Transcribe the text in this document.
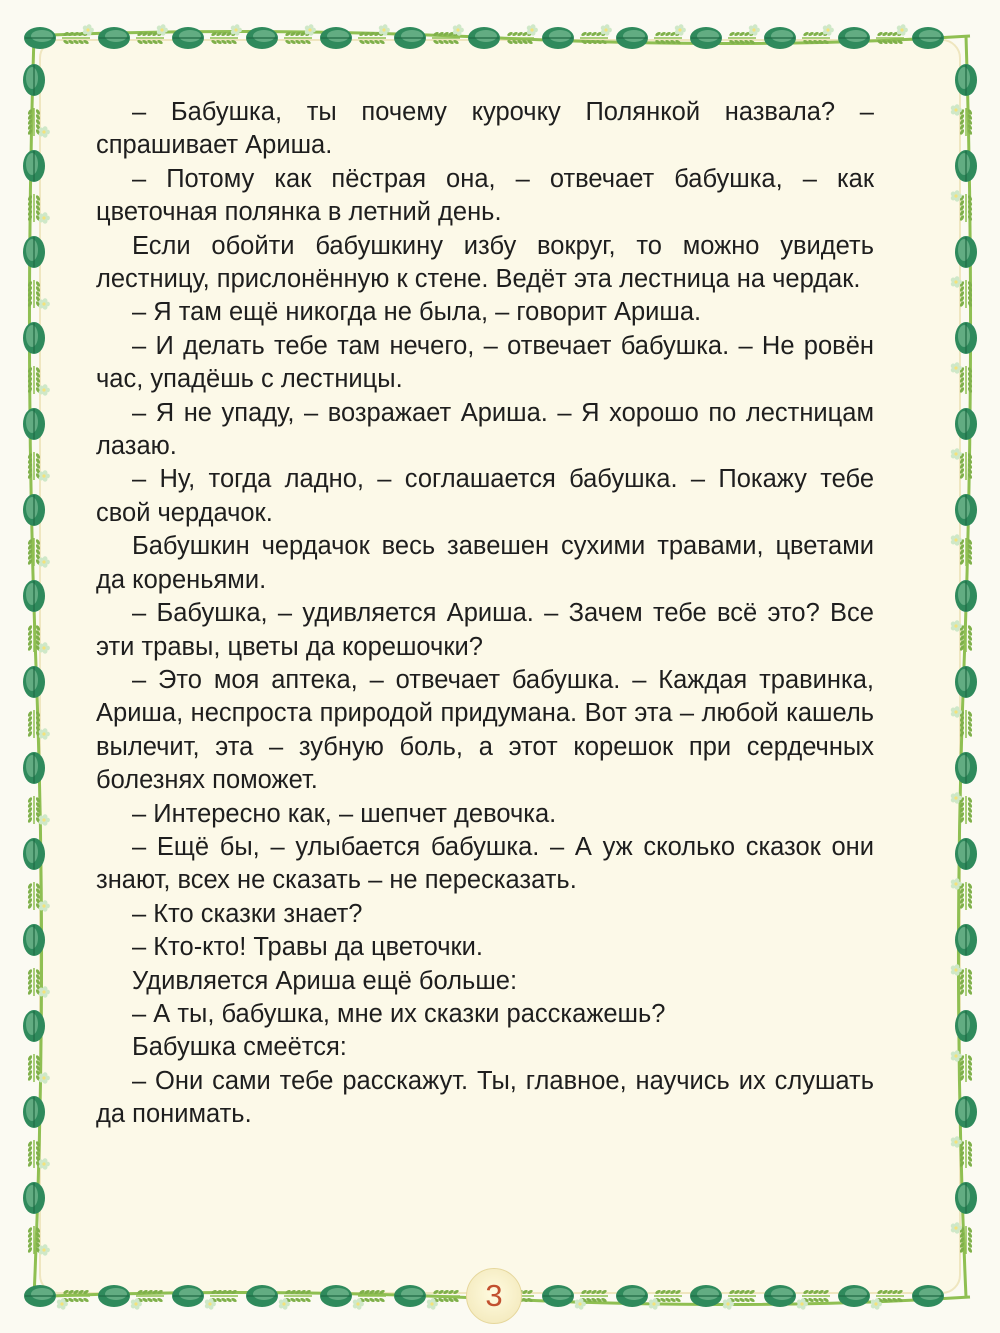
– Бабушка, ты почему курочку Полянкой назвала? – спрашивает Ариша.

– Потому как пёстрая она, – отвечает бабушка, – как цветочная полянка в летний день.

Если обойти бабушкину избу вокруг, то можно увидеть лестницу, прислонённую к стене. Ведёт эта лестница на чердак.

– Я там ещё никогда не была, – говорит Ариша.

– И делать тебе там нечего, – отвечает бабушка. – Не ровён час, упадёшь с лестницы.

– Я не упаду, – возражает Ариша. – Я хорошо по лестницам лазаю.

– Ну, тогда ладно, – соглашается бабушка. – Покажу тебе свой чердачок.

Бабушкин чердачок весь завешен сухими травами, цветами да кореньями.

– Бабушка, – удивляется Ариша. – Зачем тебе всё это? Все эти травы, цветы да корешочки?

– Это моя аптека, – отвечает бабушка. – Каждая травинка, Ариша, неспроста природой придумана. Вот эта – любой кашель вылечит, эта – зубную боль, а этот корешок при сердечных болезнях поможет.

– Интересно как, – шепчет девочка.

– Ещё бы, – улыбается бабушка. – А уж сколько сказок они знают, всех не сказать – не пересказать.

– Кто сказки знает?

– Кто-кто! Травы да цветочки.

Удивляется Ариша ещё больше:

– А ты, бабушка, мне их сказки расскажешь?

Бабушка смеётся:

– Они сами тебе расскажут. Ты, главное, научись их слушать да понимать.

3
